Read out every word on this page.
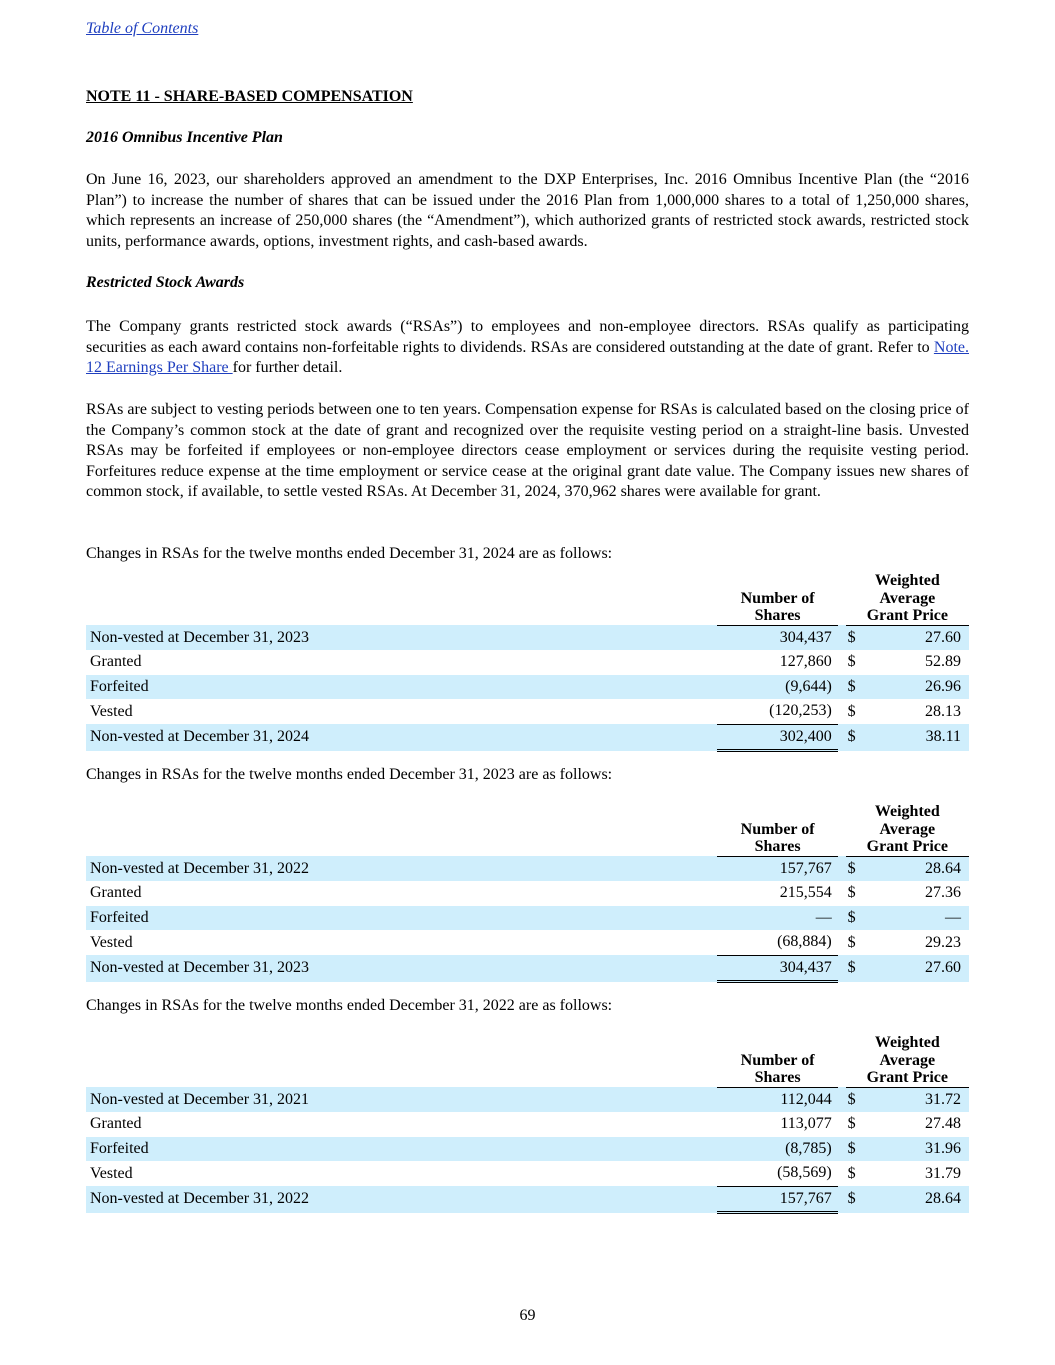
Table of Contents
NOTE 11 - SHARE-BASED COMPENSATION
2016 Omnibus Incentive Plan
On June 16, 2023, our shareholders approved an amendment to the DXP Enterprises, Inc. 2016 Omnibus Incentive Plan (the “2016 Plan”) to increase the number of shares that can be issued under the 2016 Plan from 1,000,000 shares to a total of 1,250,000 shares, which represents an increase of 250,000 shares (the “Amendment”), which authorized grants of restricted stock awards, restricted stock units, performance awards, options, investment rights, and cash-based awards.
Restricted Stock Awards
The Company grants restricted stock awards (“RSAs”) to employees and non-employee directors. RSAs qualify as participating securities as each award contains non-forfeitable rights to dividends. RSAs are considered outstanding at the date of grant. Refer to Note. 12 Earnings Per Share for further detail.
RSAs are subject to vesting periods between one to ten years. Compensation expense for RSAs is calculated based on the closing price of the Company’s common stock at the date of grant and recognized over the requisite vesting period on a straight-line basis. Unvested RSAs may be forfeited if employees or non-employee directors cease employment or services during the requisite vesting period. Forfeitures reduce expense at the time employment or service cease at the original grant date value. The Company issues new shares of common stock, if available, to settle vested RSAs. At December 31, 2024, 370,962 shares were available for grant.
Changes in RSAs for the twelve months ended December 31, 2024 are as follows:
	Number of
Shares		Weighted
Average
Grant Price	
Non-vested at December 31, 2023	304,437		$	27.60
Granted	127,860		$	52.89
Forfeited	(9,644)		$	26.96
Vested	(120,253)		$	28.13
Non-vested at December 31, 2024	302,400		$	38.11
Changes in RSAs for the twelve months ended December 31, 2023 are as follows:
	Number of
Shares		Weighted
Average
Grant Price	
Non-vested at December 31, 2022	157,767		$	28.64
Granted	215,554		$	27.36
Forfeited	—		$	—
Vested	(68,884)		$	29.23
Non-vested at December 31, 2023	304,437		$	27.60
Changes in RSAs for the twelve months ended December 31, 2022 are as follows:
	Number of
Shares		Weighted
Average
Grant Price	
Non-vested at December 31, 2021	112,044		$	31.72
Granted	113,077		$	27.48
Forfeited	(8,785)		$	31.96
Vested	(58,569)		$	31.79
Non-vested at December 31, 2022	157,767		$	28.64
69
